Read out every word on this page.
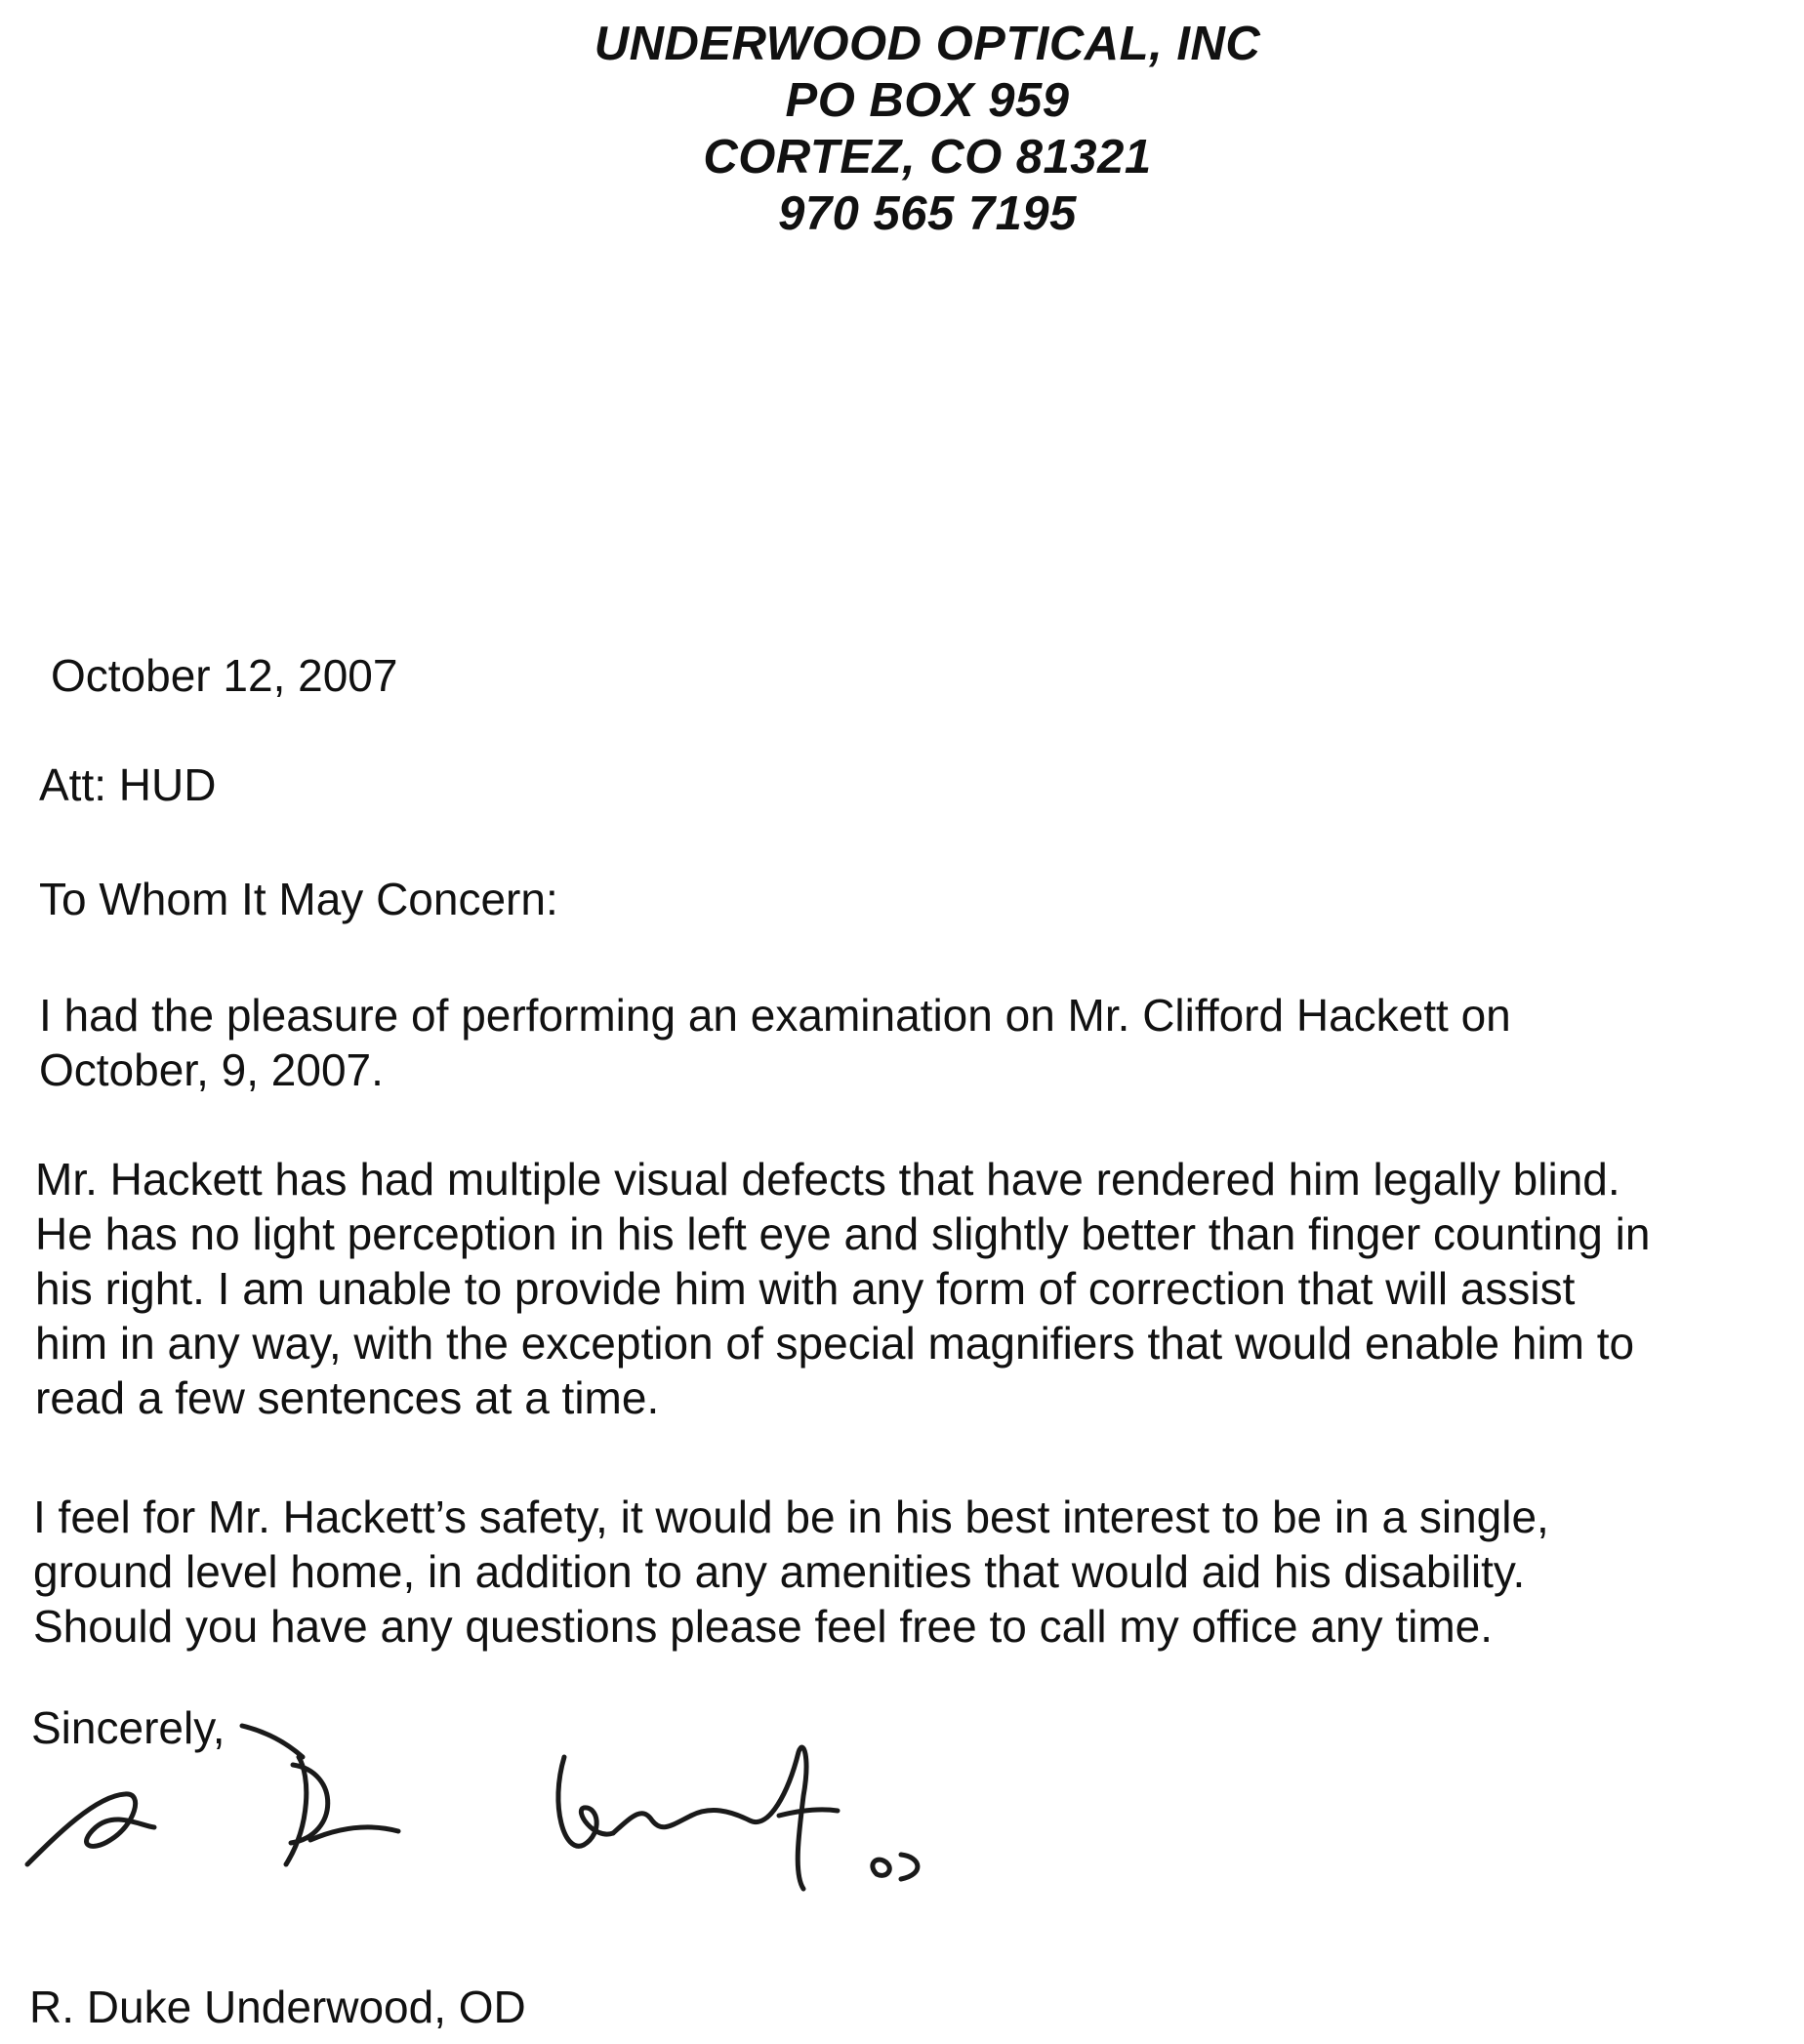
UNDERWOOD OPTICAL, INC
PO BOX 959
CORTEZ, CO 81321
970 565 7195
October 12, 2007
Att: HUD
To Whom It May Concern:
I had the pleasure of performing an examination on Mr. Clifford Hackett on
October, 9, 2007.
Mr. Hackett has had multiple visual defects that have rendered him legally blind.
He has no light perception in his left eye and slightly better than finger counting in
his right. I am unable to provide him with any form of correction that will assist
him in any way, with the exception of special magnifiers that would enable him to
read a few sentences at a time.
I feel for Mr. Hackett’s safety, it would be in his best interest to be in a single,
ground level home, in addition to any amenities that would aid his disability.
Should you have any questions please feel free to call my office any time.
Sincerely,
R. Duke Underwood, OD
